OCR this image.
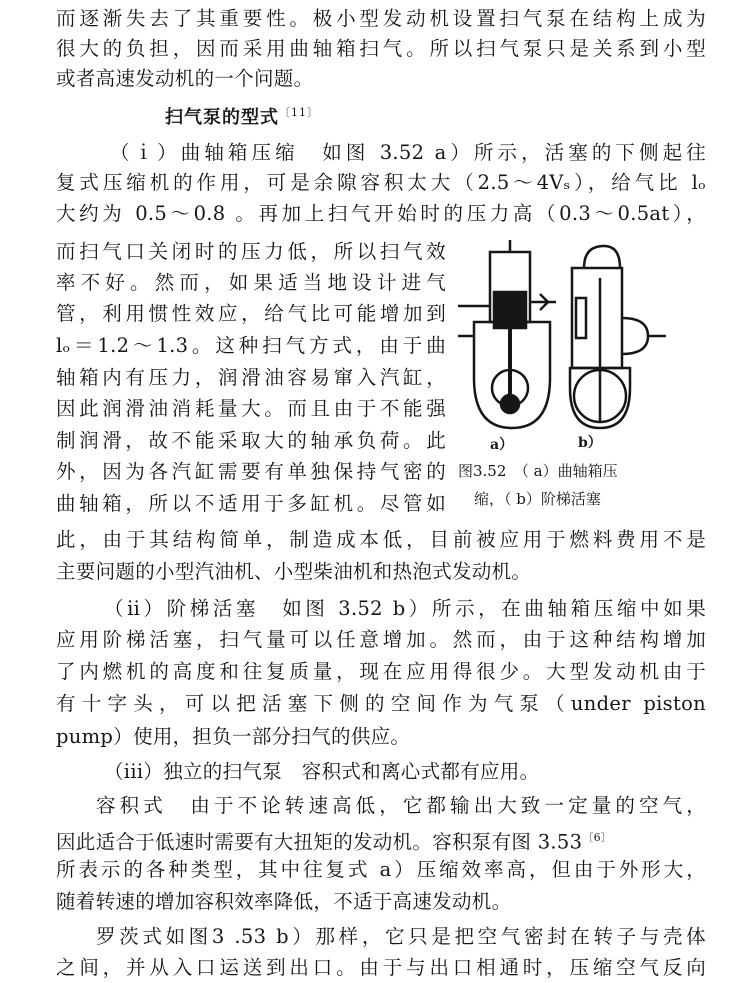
而逐渐失去了其重要性。极小型发动机设置扫气泵在结构上成为
很大的负担，因而采用曲轴箱扫气。所以扫气泵只是关系到小型
或者高速发动机的一个问题。
扫气泵的型式$^{〔11〕}$
（ｉ）曲轴箱压缩　如图 3.52 a）所示，活塞的下侧起往
复式压缩机的作用，可是余隙容积太大（2.5～4Vₛ），给气比 lₒ
大约为 0.5～0.8 。再加上扫气开始时的压力高（0.3～0.5at），
而扫气口关闭时的压力低，所以扫气效
率不好。然而，如果适当地设计进气
管，利用惯性效应，给气比可能增加到
lₒ＝1.2～1.3。这种扫气方式，由于曲
轴箱内有压力，润滑油容易窜入汽缸，
因此润滑油消耗量大。而且由于不能强
制润滑，故不能采取大的轴承负荷。此
外，因为各汽缸需要有单独保持气密的
曲轴箱，所以不适用于多缸机。尽管如
此，由于其结构简单，制造成本低，目前被应用于燃料费用不是
主要问题的小型汽油机、小型柴油机和热泡式发动机。
（ii）阶梯活塞　如图 3.52 b）所示，在曲轴箱压缩中如果
应用阶梯活塞，扫气量可以任意增加。然而，由于这种结构增加
了内燃机的高度和往复质量，现在应用得很少。大型发动机由于
有十字头，可以把活塞下侧的空间作为气泵（under piston
pump）使用，担负一部分扫气的供应。
（iii）独立的扫气泵　容积式和离心式都有应用。
容积式　由于不论转速高低，它都输出大致一定量的空气，
因此适合于低速时需要有大扭矩的发动机。容积泵有图 $3.53^{〔6〕}$
所表示的各种类型，其中往复式 a）压缩效率高，但由于外形大，
随着转速的增加容积效率降低，不适于高速发动机。
罗茨式如图3 .53 b）那样，它只是把空气密封在转子与壳体
之间，并从入口运送到出口。由于与出口相通时，压缩空气反向
a）	b）
图3.52　（ a）曲轴箱压
缩，（ b）阶梯活塞
